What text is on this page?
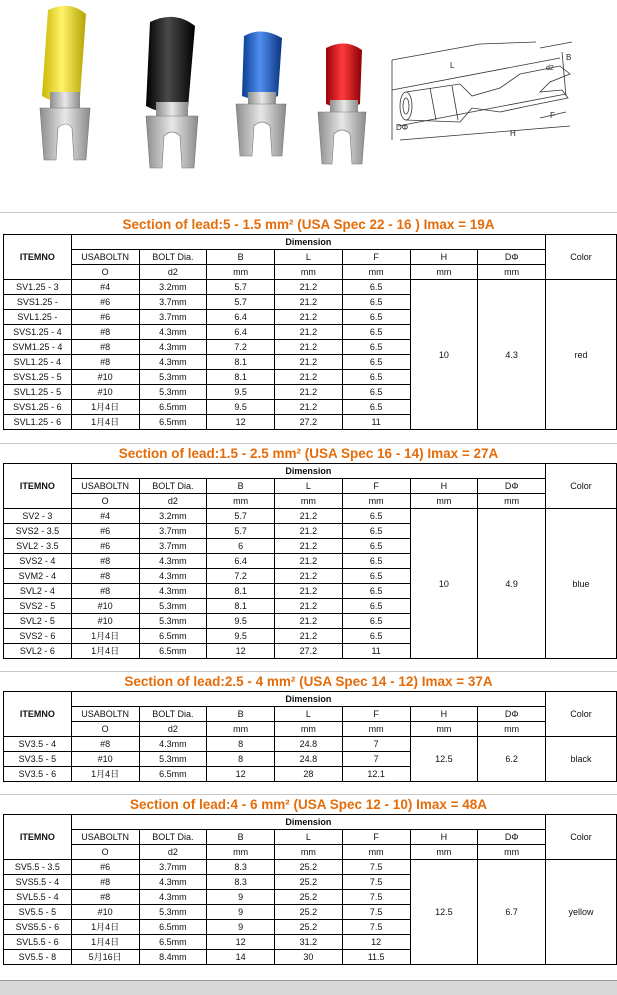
L
B
d2
F
H
DΦ
Section of lead:5 - 1.5 mm² (USA Spec 22 - 16 ) Imax = 19A
ITEMNO	Dimension							Color
	USABOLTN	BOLT Dia.	B	L	F	H	DΦ	
	O	d2	mm	mm	mm	mm	mm	
SV1.25 - 3	#4	3.2mm	5.7	21.2	6.5	10	4.3	red
SVS1.25 -	#6	3.7mm	5.7	21.2	6.5			
SVL1.25 -	#6	3.7mm	6.4	21.2	6.5			
SVS1.25 - 4	#8	4.3mm	6.4	21.2	6.5			
SVM1.25 - 4	#8	4.3mm	7.2	21.2	6.5			
SVL1.25 - 4	#8	4.3mm	8.1	21.2	6.5			
SVS1.25 - 5	#10	5.3mm	8.1	21.2	6.5			
SVL1.25 - 5	#10	5.3mm	9.5	21.2	6.5			
SVS1.25 - 6	1月4日	6.5mm	9.5	21.2	6.5			
SVL1.25 - 6	1月4日	6.5mm	12	27.2	11			
Section of lead:1.5 - 2.5 mm² (USA Spec 16 - 14) Imax = 27A
ITEMNO	Dimension							Color
	USABOLTN	BOLT Dia.	B	L	F	H	DΦ	
	O	d2	mm	mm	mm	mm	mm	
SV2 - 3	#4	3.2mm	5.7	21.2	6.5	10	4.9	blue
SVS2 - 3.5	#6	3.7mm	5.7	21.2	6.5			
SVL2 - 3.5	#6	3.7mm	6	21.2	6.5			
SVS2 - 4	#8	4.3mm	6.4	21.2	6.5			
SVM2 - 4	#8	4.3mm	7.2	21.2	6.5			
SVL2 - 4	#8	4.3mm	8.1	21.2	6.5			
SVS2 - 5	#10	5.3mm	8.1	21.2	6.5			
SVL2 - 5	#10	5.3mm	9.5	21.2	6.5			
SVS2 - 6	1月4日	6.5mm	9.5	21.2	6.5			
SVL2 - 6	1月4日	6.5mm	12	27.2	11			
Section of lead:2.5 - 4 mm² (USA Spec 14 - 12) Imax = 37A
ITEMNO	Dimension							Color
	USABOLTN	BOLT Dia.	B	L	F	H	DΦ	
	O	d2	mm	mm	mm	mm	mm	
SV3.5 - 4	#8	4.3mm	8	24.8	7	12.5	6.2	black
SV3.5 - 5	#10	5.3mm	8	24.8	7			
SV3.5 - 6	1月4日	6.5mm	12	28	12.1			
Section of lead:4 - 6 mm² (USA Spec 12 - 10) Imax = 48A
ITEMNO	Dimension							Color
	USABOLTN	BOLT Dia.	B	L	F	H	DΦ	
	O	d2	mm	mm	mm	mm	mm	
SV5.5 - 3.5	#6	3.7mm	8.3	25.2	7.5	12.5	6.7	yellow
SVS5.5 - 4	#8	4.3mm	8.3	25.2	7.5			
SVL5.5 - 4	#8	4.3mm	9	25.2	7.5			
SV5.5 - 5	#10	5.3mm	9	25.2	7.5			
SVS5.5 - 6	1月4日	6.5mm	9	25.2	7.5			
SVL5.5 - 6	1月4日	6.5mm	12	31.2	12			
SV5.5 - 8	5月16日	8.4mm	14	30	11.5			
